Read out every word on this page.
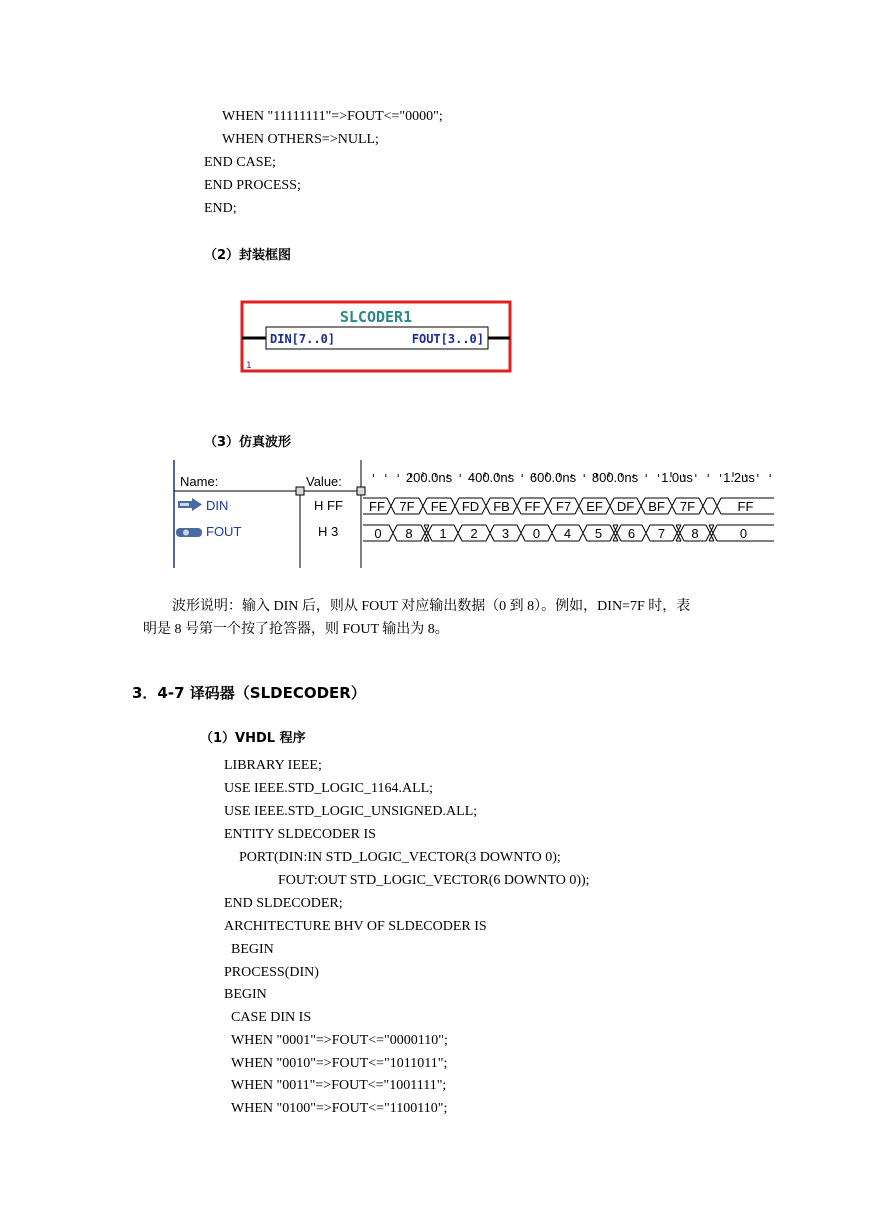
WHEN "11111111"=>FOUT<="0000";
WHEN OTHERS=>NULL;
END CASE;
END PROCESS;
END;
（2）封装框图
SLCODER1
DIN[7..0]	FOUT[3..0]
1
（3）仿真波形
Name:	Value:	200.0ns 400.0ns 600.0ns 800.0ns 1.0us 1.2us
DIN	H FF
FOUT	H 3
FF 7F FE FD FB FF F7 EF DF BF 7F	FF
0 8 1 2 3 0 4 5 6 7 8	0
波形说明：输入 DIN 后，则从 FOUT 对应输出数据（0 到 8）。例如，DIN=7F 时，表
明是 8 号第一个按了抢答器，则 FOUT 输出为 8。
3．4-7 译码器（SLDECODER）
（1）VHDL 程序
LIBRARY IEEE;
USE IEEE.STD_LOGIC_1164.ALL;
USE IEEE.STD_LOGIC_UNSIGNED.ALL;
ENTITY SLDECODER IS
PORT(DIN:IN STD_LOGIC_VECTOR(3 DOWNTO 0);
FOUT:OUT STD_LOGIC_VECTOR(6 DOWNTO 0));
END SLDECODER;
ARCHITECTURE BHV OF SLDECODER IS
BEGIN
PROCESS(DIN)
BEGIN
CASE DIN IS
WHEN "0001"=>FOUT<="0000110";
WHEN "0010"=>FOUT<="1011011";
WHEN "0011"=>FOUT<="1001111";
WHEN "0100"=>FOUT<="1100110";
